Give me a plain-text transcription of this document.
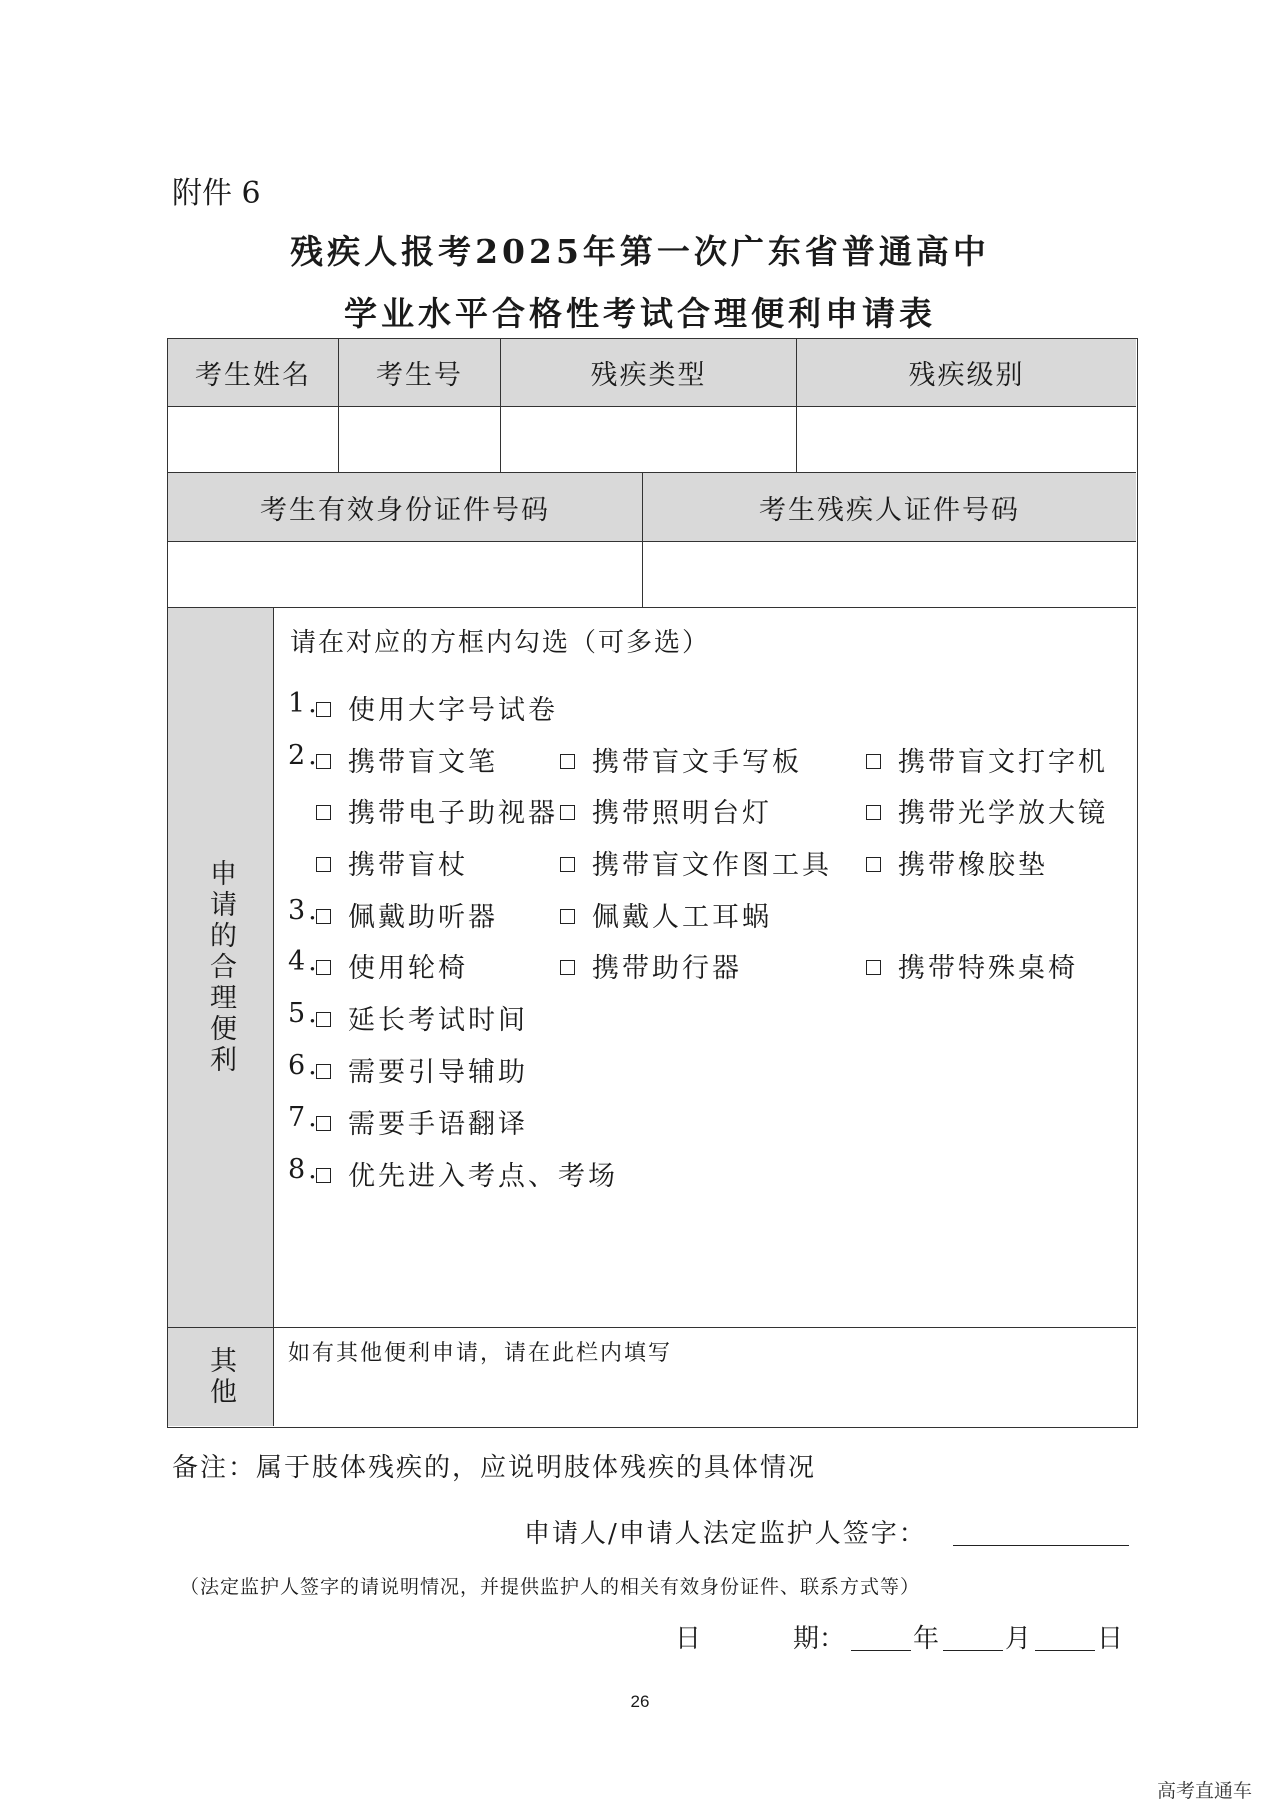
附件 6
残疾人报考2025年第一次广东省普通高中
学业水平合格性考试合理便利申请表
考生姓名	考生号	残疾类型	残疾级别
考生有效身份证件号码	考生残疾人证件号码
申请的合理便利
请在对应的方框内勾选（可多选）
1.	使用大字号试卷
2.	携带盲文笔	携带盲文手写板	携带盲文打字机
携带电子助视器	携带照明台灯	携带光学放大镜
携带盲杖	携带盲文作图工具	携带橡胶垫
3.	佩戴助听器	佩戴人工耳蜗
4.	使用轮椅	携带助行器	携带特殊桌椅
5.	延长考试时间
6.	需要引导辅助
7.	需要手语翻译
8.	优先进入考点、考场
其他 如有其他便利申请，请在此栏内填写
备注：属于肢体残疾的，应说明肢体残疾的具体情况
申请人/申请人法定监护人签字：
（法定监护人签字的请说明情况，并提供监护人的相关有效身份证件、联系方式等）
日	期：	年	月	日
26
高考直通车
